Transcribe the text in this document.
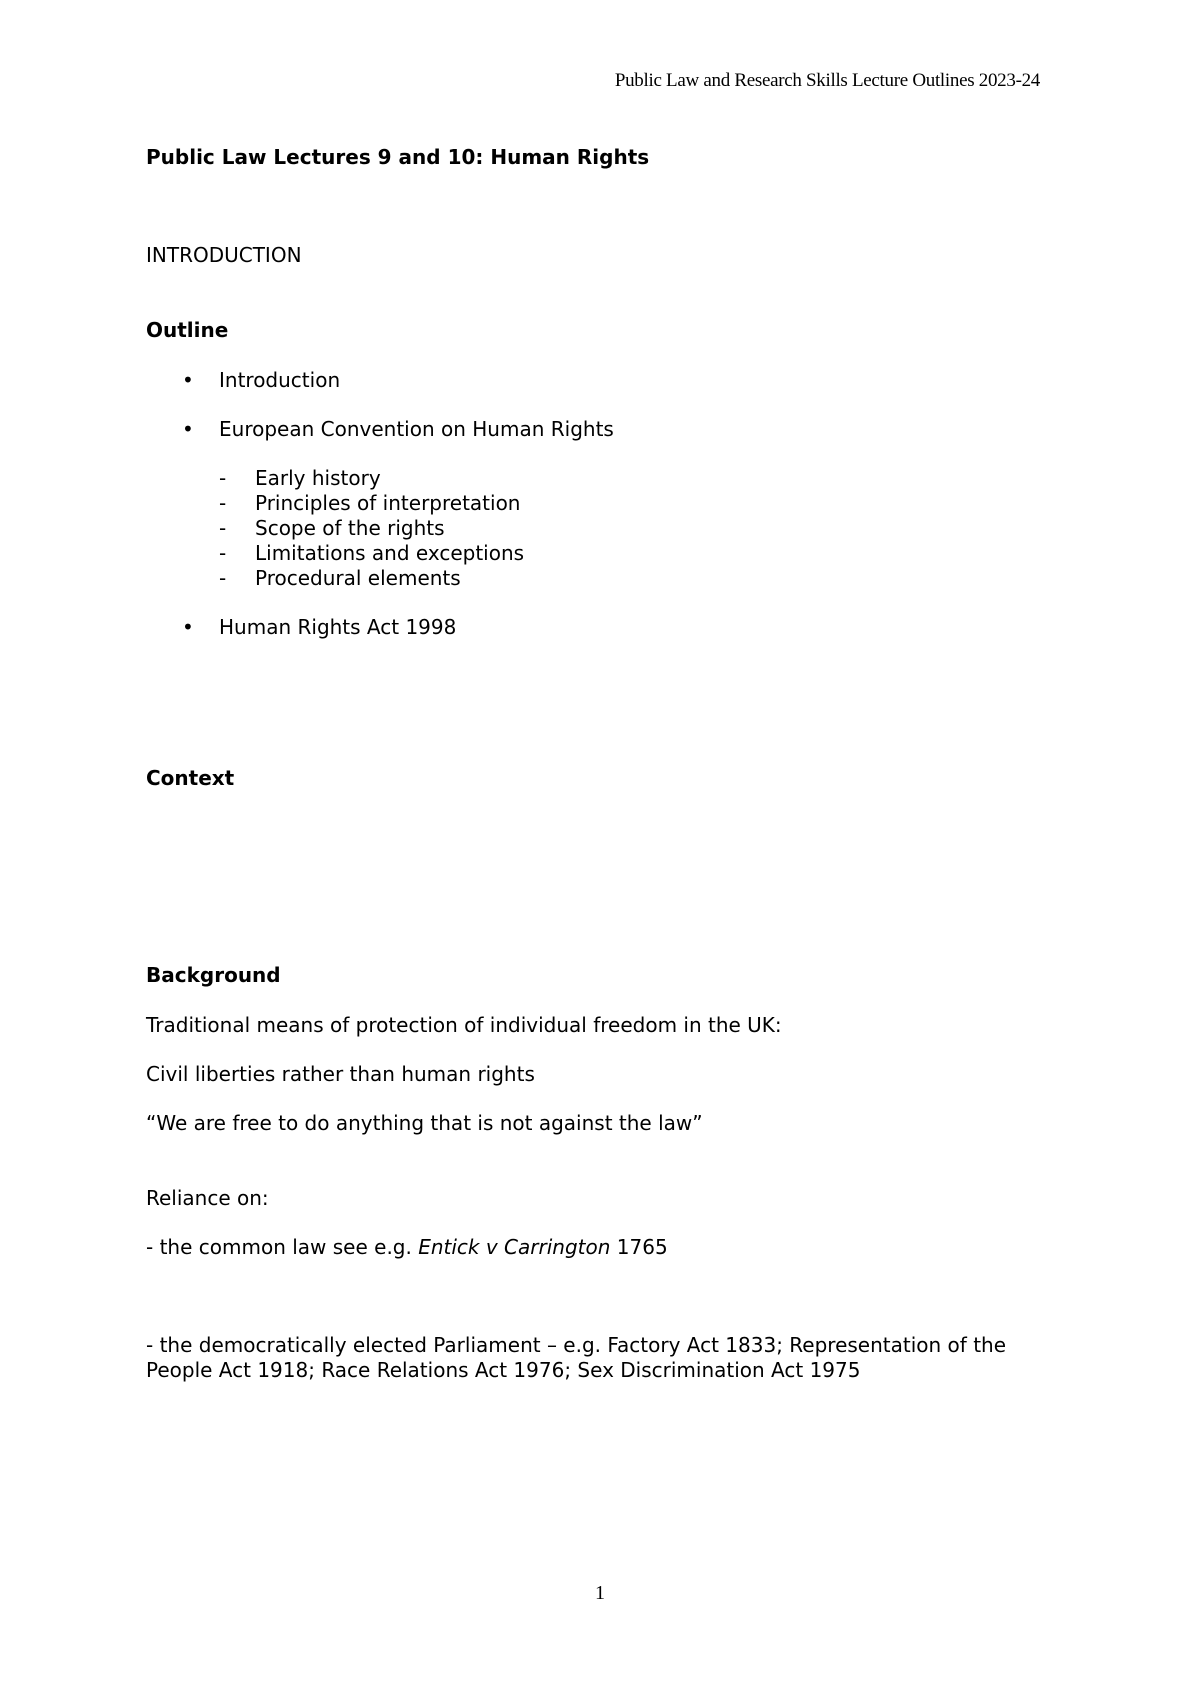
Public Law and Research Skills Lecture Outlines 2023-24
Public Law Lectures 9 and 10: Human Rights
INTRODUCTION
Outline
• Introduction
• European Convention on Human Rights
- Early history
- Principles of interpretation
- Scope of the rights
- Limitations and exceptions
- Procedural elements
• Human Rights Act 1998
Context
Background
Traditional means of protection of individual freedom in the UK:
Civil liberties rather than human rights
“We are free to do anything that is not against the law”
Reliance on:
- the common law see e.g. Entick v Carrington 1765
- the democratically elected Parliament – e.g. Factory Act 1833; Representation of the People Act 1918; Race Relations Act 1976; Sex Discrimination Act 1975
1
